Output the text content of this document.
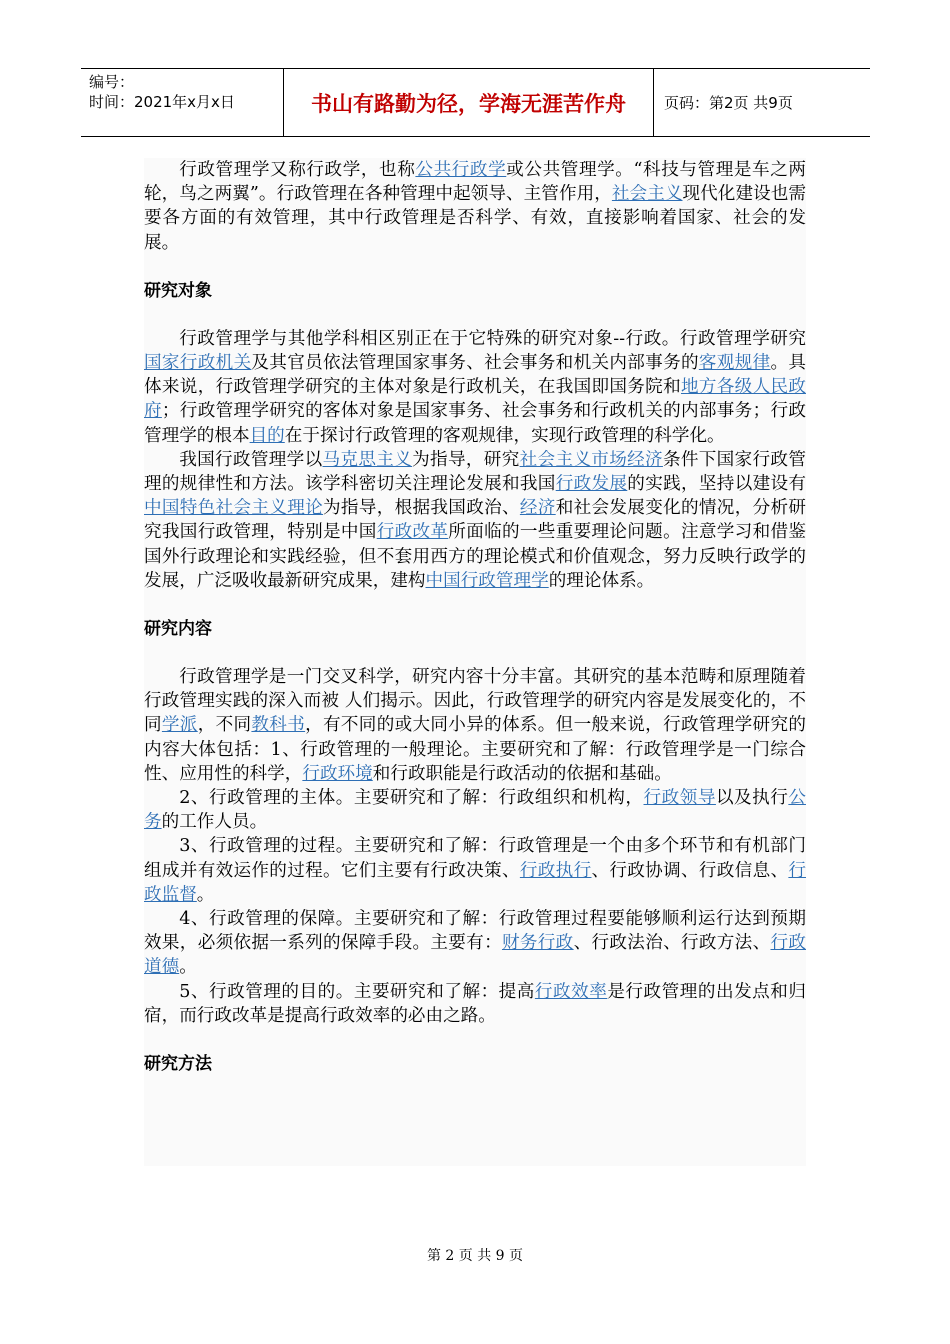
编号：
时间：2021年x月x日	书山有路勤为径，学海无涯苦作舟	页码：第2页 共9页

行政管理学又称行政学，也称公共行政学或公共管理学。“科技与管理是车之两轮，鸟之两翼”。行政管理在各种管理中起领导、主管作用，社会主义现代化建设也需要各方面的有效管理，其中行政管理是否科学、有效，直接影响着国家、社会的发展。

研究对象

行政管理学与其他学科相区别正在于它特殊的研究对象--行政。行政管理学研究国家行政机关及其官员依法管理国家事务、社会事务和机关内部事务的客观规律。具体来说，行政管理学研究的主体对象是行政机关，在我国即国务院和地方各级人民政府；行政管理学研究的客体对象是国家事务、社会事务和行政机关的内部事务；行政管理学的根本目的在于探讨行政管理的客观规律，实现行政管理的科学化。

我国行政管理学以马克思主义为指导，研究社会主义市场经济条件下国家行政管理的规律性和方法。该学科密切关注理论发展和我国行政发展的实践，坚持以建设有中国特色社会主义理论为指导，根据我国政治、经济和社会发展变化的情况，分析研究我国行政管理，特别是中国行政改革所面临的一些重要理论问题。注意学习和借鉴国外行政理论和实践经验，但不套用西方的理论模式和价值观念，努力反映行政学的发展，广泛吸收最新研究成果，建构中国行政管理学的理论体系。

研究内容

行政管理学是一门交叉科学，研究内容十分丰富。其研究的基本范畴和原理随着行政管理实践的深入而被 人们揭示。因此，行政管理学的研究内容是发展变化的，不同学派，不同教科书，有不同的或大同小异的体系。但一般来说，行政管理学研究的内容大体包括：1、行政管理的一般理论。主要研究和了解：行政管理学是一门综合性、应用性的科学，行政环境和行政职能是行政活动的依据和基础。

2、行政管理的主体。主要研究和了解：行政组织和机构，行政领导以及执行公务的工作人员。

3、行政管理的过程。主要研究和了解：行政管理是一个由多个环节和有机部门组成并有效运作的过程。它们主要有行政决策、行政执行、行政协调、行政信息、行政监督。

4、行政管理的保障。主要研究和了解：行政管理过程要能够顺利运行达到预期效果，必须依据一系列的保障手段。主要有：财务行政、行政法治、行政方法、行政道德。

5、行政管理的目的。主要研究和了解：提高行政效率是行政管理的出发点和归宿，而行政改革是提高行政效率的必由之路。

研究方法
第 2 页 共 9 页
